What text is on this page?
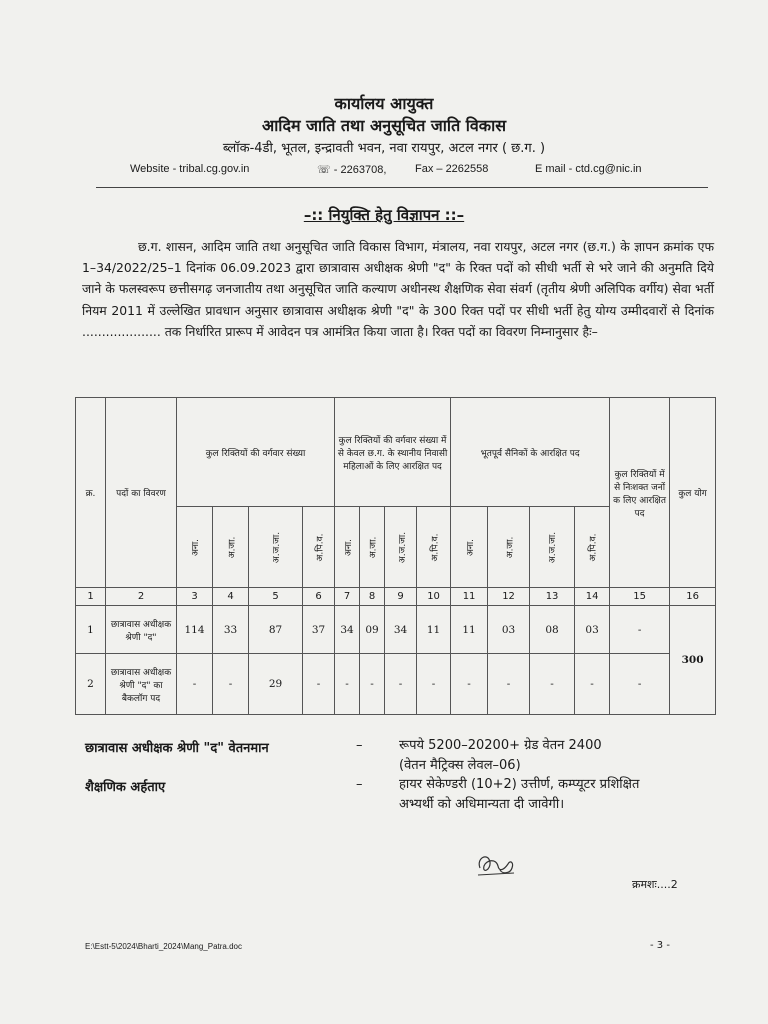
कार्यालय आयुक्त
आदिम जाति तथा अनुसूचित जाति विकास
ब्लॉक-4डी, भूतल, इन्द्रावती भवन, नवा रायपुर, अटल नगर ( छ.ग. )
Website - tribal.cg.gov.in	☏ - 2263708,	Fax – 2262558	E mail - ctd.cg@nic.in
–:: नियुक्ति हेतु विज्ञापन ::–
छ.ग. शासन, आदिम जाति तथा अनुसूचित जाति विकास विभाग, मंत्रालय, नवा रायपुर, अटल नगर (छ.ग.) के ज्ञापन क्रमांक एफ 1–34/2022/25–1 दिनांक 06.09.2023 द्वारा छात्रावास अधीक्षक श्रेणी "द" के रिक्त पदों को सीधी भर्ती से भरे जाने की अनुमति दिये जाने के फलस्वरूप छत्तीसगढ़ जनजातीय तथा अनुसूचित जाति कल्याण अधीनस्थ शैक्षणिक सेवा संवर्ग (तृतीय श्रेणी अलिपिक वर्गीय) सेवा भर्ती नियम 2011 में उल्लेखित प्रावधान अनुसार छात्रावास अधीक्षक श्रेणी "द" के 300 रिक्त पदों पर सीधी भर्ती हेतु योग्य उम्मीदवारों से दिनांक .................... तक निर्धारित प्रारूप में आवेदन पत्र आमंत्रित किया जाता है। रिक्त पदों का विवरण निम्नानुसार हैः–
क्र.	पदों का विवरण	कुल रिक्तियों की वर्गवार संख्या				कुल रिक्तियों की वर्गवार संख्या में से केवल छ.ग. के स्थानीय निवासी महिलाओं के लिए आरक्षित पद				भूतपूर्व सैनिकों के आरक्षित पद				कुल रिक्तियों में से निःशक्त जनों क लिए आरक्षित पद	कुल योग
		अना.	अ.जा.	अ.ज.जा.	अ.पि.व.	अना.	अ.जा.	अ.ज.जा.	अ.पि.व.	अना.	अ.जा.	अ.ज.जा.	अ.पि.व.		
1	2	3	4	5	6	7	8	9	10	11	12	13	14	15	16
1	छात्रावास अधीक्षक श्रेणी "द"	114	33	87	37	34	09	34	11	11	03	08	03	-	300
2	छात्रावास अधीक्षक श्रेणी "द" का बैकलॉग पद	-	-	29	-	-	-	-	-	-	-	-	-	-	
छात्रावास अधीक्षक श्रेणी "द" वेतनमान	–	रूपये 5200–20200+ ग्रेड वेतन 2400
(वेतन मैट्रिक्स लेवल–06)
शैक्षणिक अर्हताए	–	हायर सेकेण्डरी (10+2) उत्तीर्ण, कम्प्यूटर प्रशिक्षित
अभ्यर्थी को अधिमान्यता दी जावेगी।
क्रमशः....2
E:\Estt-5\2024\Bharti_2024\Mang_Patra.doc	- 3 -
